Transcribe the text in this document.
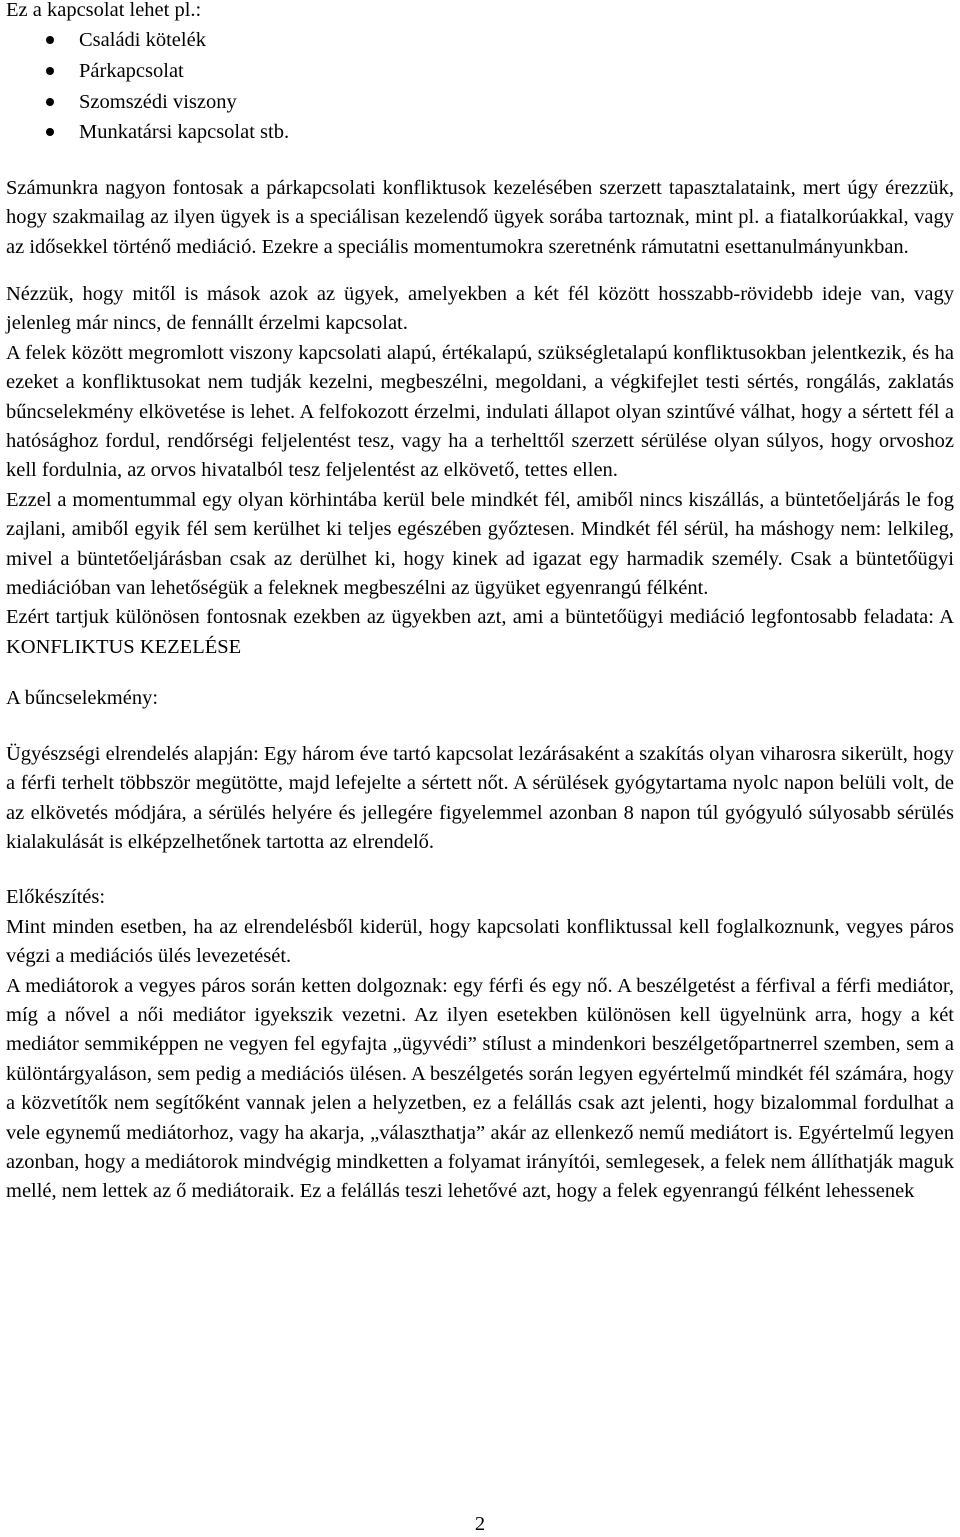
Ez a kapcsolat lehet pl.:
Családi kötelék
Párkapcsolat
Szomszédi viszony
Munkatársi kapcsolat stb.

Számunkra nagyon fontosak a párkapcsolati konfliktusok kezelésében szerzett tapasztalataink, mert úgy érezzük, hogy szakmailag az ilyen ügyek is a speciálisan kezelendő ügyek sorába tartoznak, mint pl. a fiatalkorúakkal, vagy az idősekkel történő mediáció. Ezekre a speciális momentumokra szeretnénk rámutatni esettanulmányunkban.

Nézzük, hogy mitől is mások azok az ügyek, amelyekben a két fél között hosszabb-rövidebb ideje van, vagy jelenleg már nincs, de fennállt érzelmi kapcsolat.

A felek között megromlott viszony kapcsolati alapú, értékalapú, szükségletalapú konfliktusokban jelentkezik, és ha ezeket a konfliktusokat nem tudják kezelni, megbeszélni, megoldani, a végkifejlet testi sértés, rongálás, zaklatás bűncselekmény elkövetése is lehet. A felfokozott érzelmi, indulati állapot olyan szintűvé válhat, hogy a sértett fél a hatósághoz fordul, rendőrségi feljelentést tesz, vagy ha a terhelttől szerzett sérülése olyan súlyos, hogy orvoshoz kell fordulnia, az orvos hivatalból tesz feljelentést az elkövető, tettes ellen.

Ezzel a momentummal egy olyan körhintába kerül bele mindkét fél, amiből nincs kiszállás, a büntetőeljárás le fog zajlani, amiből egyik fél sem kerülhet ki teljes egészében győztesen. Mindkét fél sérül, ha máshogy nem: lelkileg, mivel a büntetőeljárásban csak az derülhet ki, hogy kinek ad igazat egy harmadik személy. Csak a büntetőügyi mediációban van lehetőségük a feleknek megbeszélni az ügyüket egyenrangú félként.

Ezért tartjuk különösen fontosnak ezekben az ügyekben azt, ami a büntetőügyi mediáció legfontosabb feladata: A KONFLIKTUS KEZELÉSE

A bűncselekmény:

Ügyészségi elrendelés alapján: Egy három éve tartó kapcsolat lezárásaként a szakítás olyan viharosra sikerült, hogy a férfi terhelt többször megütötte, majd lefejelte a sértett nőt. A sérülések gyógytartama nyolc napon belüli volt, de az elkövetés módjára, a sérülés helyére és jellegére figyelemmel azonban 8 napon túl gyógyuló súlyosabb sérülés kialakulását is elképzelhetőnek tartotta az elrendelő.

Előkészítés:

Mint minden esetben, ha az elrendelésből kiderül, hogy kapcsolati konfliktussal kell foglalkoznunk, vegyes páros végzi a mediációs ülés levezetését.

A mediátorok a vegyes páros során ketten dolgoznak: egy férfi és egy nő. A beszélgetést a férfival a férfi mediátor, míg a nővel a női mediátor igyekszik vezetni. Az ilyen esetekben különösen kell ügyelnünk arra, hogy a két mediátor semmiképpen ne vegyen fel egyfajta „ügyvédi” stílust a mindenkori beszélgetőpartnerrel szemben, sem a különtárgyaláson, sem pedig a mediációs ülésen. A beszélgetés során legyen egyértelmű mindkét fél számára, hogy a közvetítők nem segítőként vannak jelen a helyzetben, ez a felállás csak azt jelenti, hogy bizalommal fordulhat a vele egynemű mediátorhoz, vagy ha akarja, „választhatja” akár az ellenkező nemű mediátort is. Egyértelmű legyen azonban, hogy a mediátorok mindvégig mindketten a folyamat irányítói, semlegesek, a felek nem állíthatják maguk mellé, nem lettek az ő mediátoraik. Ez a felállás teszi lehetővé azt, hogy a felek egyenrangú félként lehessenek

2
